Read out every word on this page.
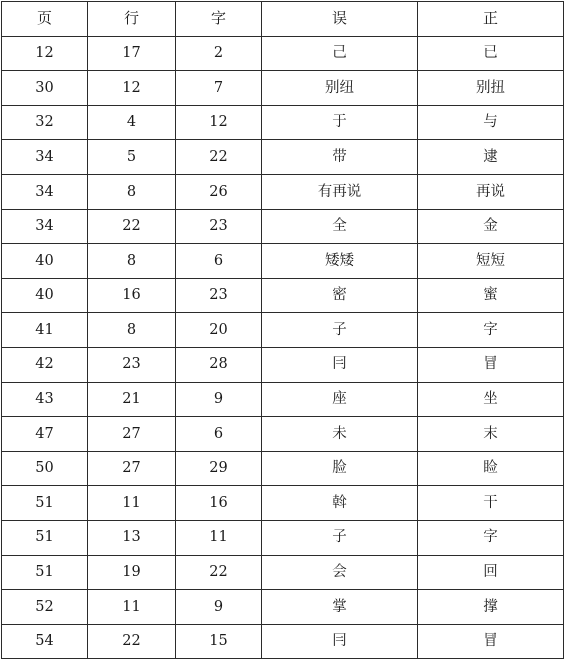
页	行	字	误	正
12	17	2	己	已
30	12	7	别纽	别扭
32	4	12	于	与
34	5	22	带	逮
34	8	26	有再说	再说
34	22	23	全	金
40	8	6	矮矮	短短
40	16	23	密	蜜
41	8	20	子	字
42	23	28	冃	冒
43	21	9	座	坐
47	27	6	未	末
50	27	29	脸	睑
51	11	16	斡	干
51	13	11	子	字
51	19	22	会	回
52	11	9	掌	撑
54	22	15	冃	冒
